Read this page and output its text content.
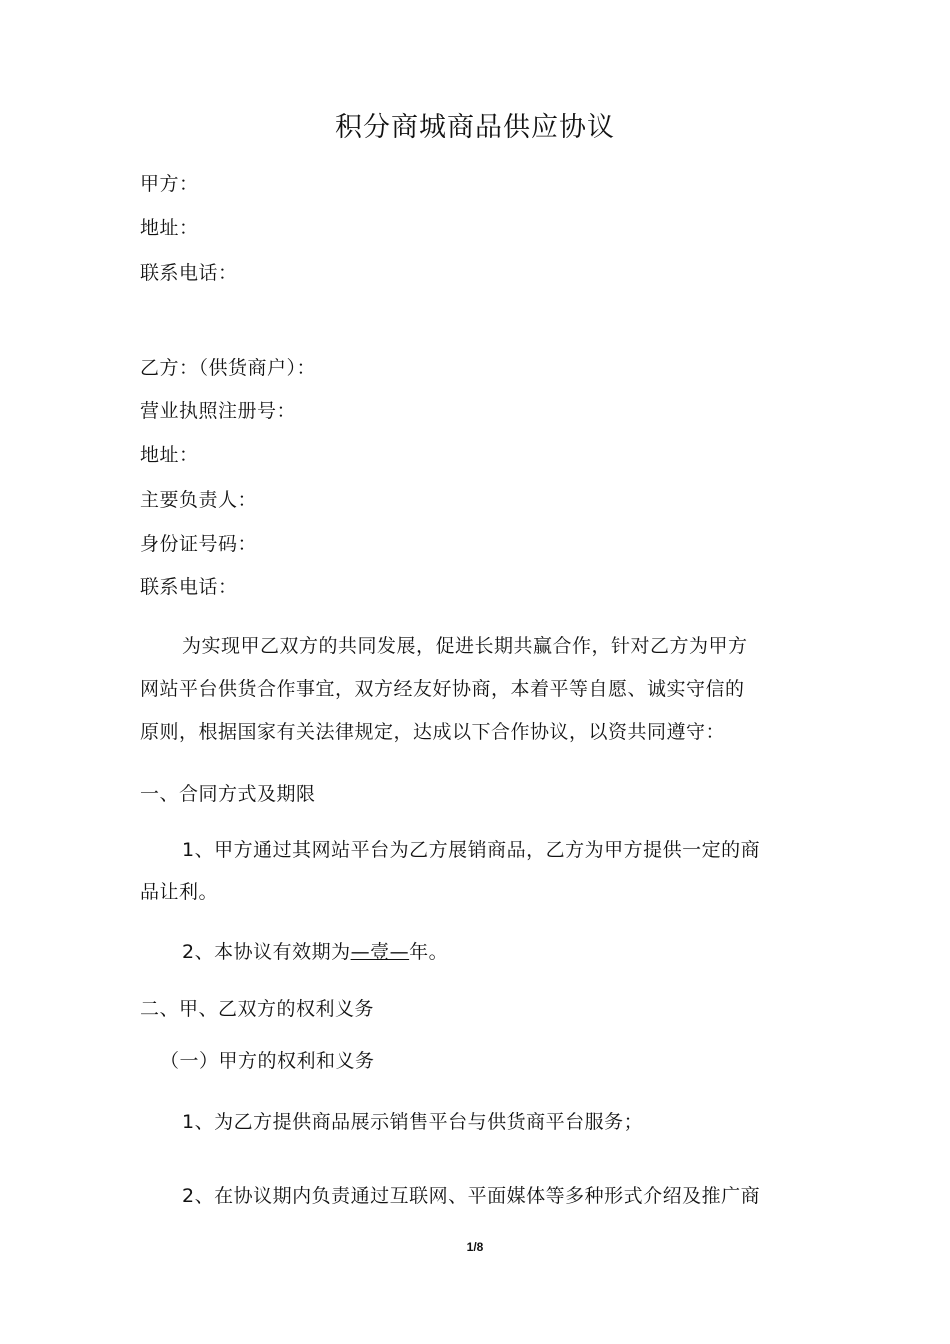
积分商城商品供应协议
甲方：
地址：
联系电话：
乙方：（供货商户）：
营业执照注册号：
地址：
主要负责人：
身份证号码：
联系电话：
为实现甲乙双方的共同发展，促进长期共赢合作，针对乙方为甲方
网站平台供货合作事宜，双方经友好协商，本着平等自愿、诚实守信的
原则，根据国家有关法律规定，达成以下合作协议，以资共同遵守：
一、合同方式及期限
1、甲方通过其网站平台为乙方展销商品，乙方为甲方提供一定的商
品让利。
2、本协议有效期为—壹—年。
二、甲、乙双方的权利义务
（一）甲方的权利和义务
1、为乙方提供商品展示销售平台与供货商平台服务；
2、在协议期内负责通过互联网、平面媒体等多种形式介绍及推广商
1/8
